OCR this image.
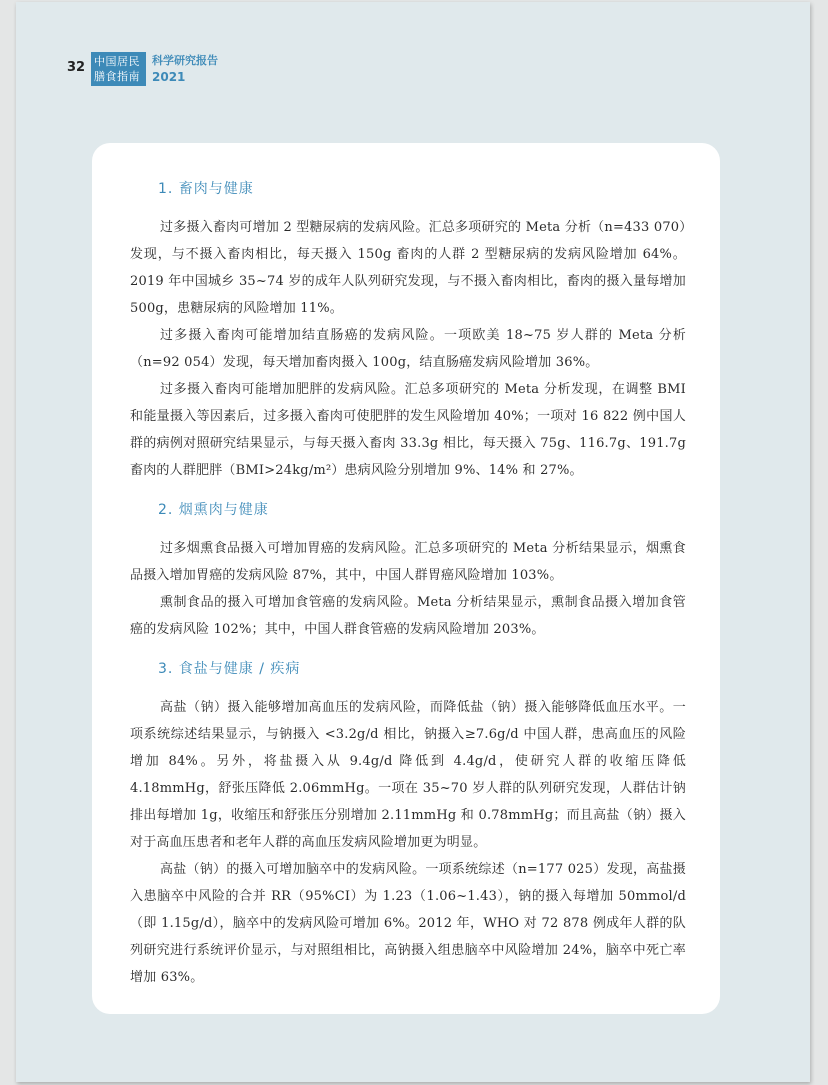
32 中国居民
膳食指南
科学研究报告
2021
1. 畜肉与健康

过多摄入畜肉可增加 2 型糖尿病的发病风险。汇总多项研究的 Meta 分析（n=433 070）发现，与不摄入畜肉相比，每天摄入 150g 畜肉的人群 2 型糖尿病的发病风险增加 64%。2019 年中国城乡 35~74 岁的成年人队列研究发现，与不摄入畜肉相比，畜肉的摄入量每增加 500g，患糖尿病的风险增加 11%。

过多摄入畜肉可能增加结直肠癌的发病风险。一项欧美 18~75 岁人群的 Meta 分析（n=92 054）发现，每天增加畜肉摄入 100g，结直肠癌发病风险增加 36%。

过多摄入畜肉可能增加肥胖的发病风险。汇总多项研究的 Meta 分析发现，在调整 BMI 和能量摄入等因素后，过多摄入畜肉可使肥胖的发生风险增加 40%；一项对 16 822 例中国人群的病例对照研究结果显示，与每天摄入畜肉 33.3g 相比，每天摄入 75g、116.7g、191.7g 畜肉的人群肥胖（BMI>24kg/m²）患病风险分别增加 9%、14% 和 27%。

2. 烟熏肉与健康

过多烟熏食品摄入可增加胃癌的发病风险。汇总多项研究的 Meta 分析结果显示，烟熏食品摄入增加胃癌的发病风险 87%，其中，中国人群胃癌风险增加 103%。

熏制食品的摄入可增加食管癌的发病风险。Meta 分析结果显示，熏制食品摄入增加食管癌的发病风险 102%；其中，中国人群食管癌的发病风险增加 203%。

3. 食盐与健康 / 疾病

高盐（钠）摄入能够增加高血压的发病风险，而降低盐（钠）摄入能够降低血压水平。一项系统综述结果显示，与钠摄入 <3.2g/d 相比，钠摄入≥7.6g/d 中国人群，患高血压的风险增加 84%。另外，将盐摄入从 9.4g/d 降低到 4.4g/d，使研究人群的收缩压降低 4.18mmHg，舒张压降低 2.06mmHg。一项在 35~70 岁人群的队列研究发现，人群估计钠排出每增加 1g，收缩压和舒张压分别增加 2.11mmHg 和 0.78mmHg；而且高盐（钠）摄入对于高血压患者和老年人群的高血压发病风险增加更为明显。

高盐（钠）的摄入可增加脑卒中的发病风险。一项系统综述（n=177 025）发现，高盐摄入患脑卒中风险的合并 RR（95%CI）为 1.23（1.06~1.43），钠的摄入每增加 50mmol/d（即 1.15g/d），脑卒中的发病风险可增加 6%。2012 年，WHO 对 72 878 例成年人群的队列研究进行系统评价显示，与对照组相比，高钠摄入组患脑卒中风险增加 24%，脑卒中死亡率增加 63%。
